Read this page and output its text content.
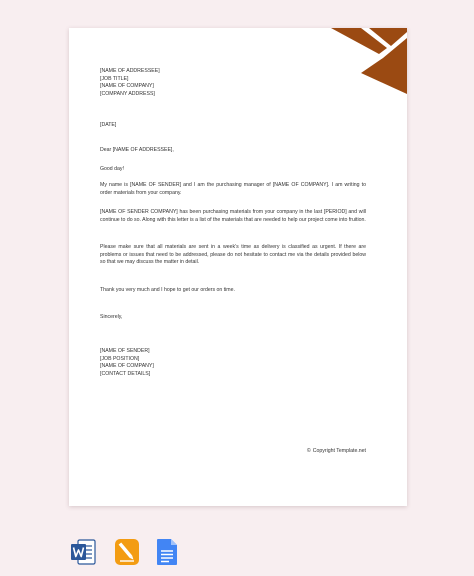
[NAME OF ADDRESSEE]
[JOB TITLE]
[NAME OF COMPANY]
[COMPANY ADDRESS]
[DATE]
Dear [NAME OF ADDRESSEE],
Good day!
My name is [NAME OF SENDER] and I am the purchasing manager of [NAME OF COMPANY]. I am writing to order materials from your company.
[NAME OF SENDER COMPANY] has been purchasing materials from your company in the last [PERIOD] and will continue to do so. Along with this letter is a list of the materials that are needed to help our project come into fruition.
Please make sure that all materials are sent in a week’s time as delivery is classified as urgent. If there are problems or issues that need to be addressed, please do not hesitate to contact me via the details provided below so that we may discuss the matter in detail.
Thank you very much and I hope to get our orders on time.
Sincerely,
[NAME OF SENDER]
[JOB POSITION]
[NAME OF COMPANY]
[CONTACT DETAILS]
© Copyright Template.net
